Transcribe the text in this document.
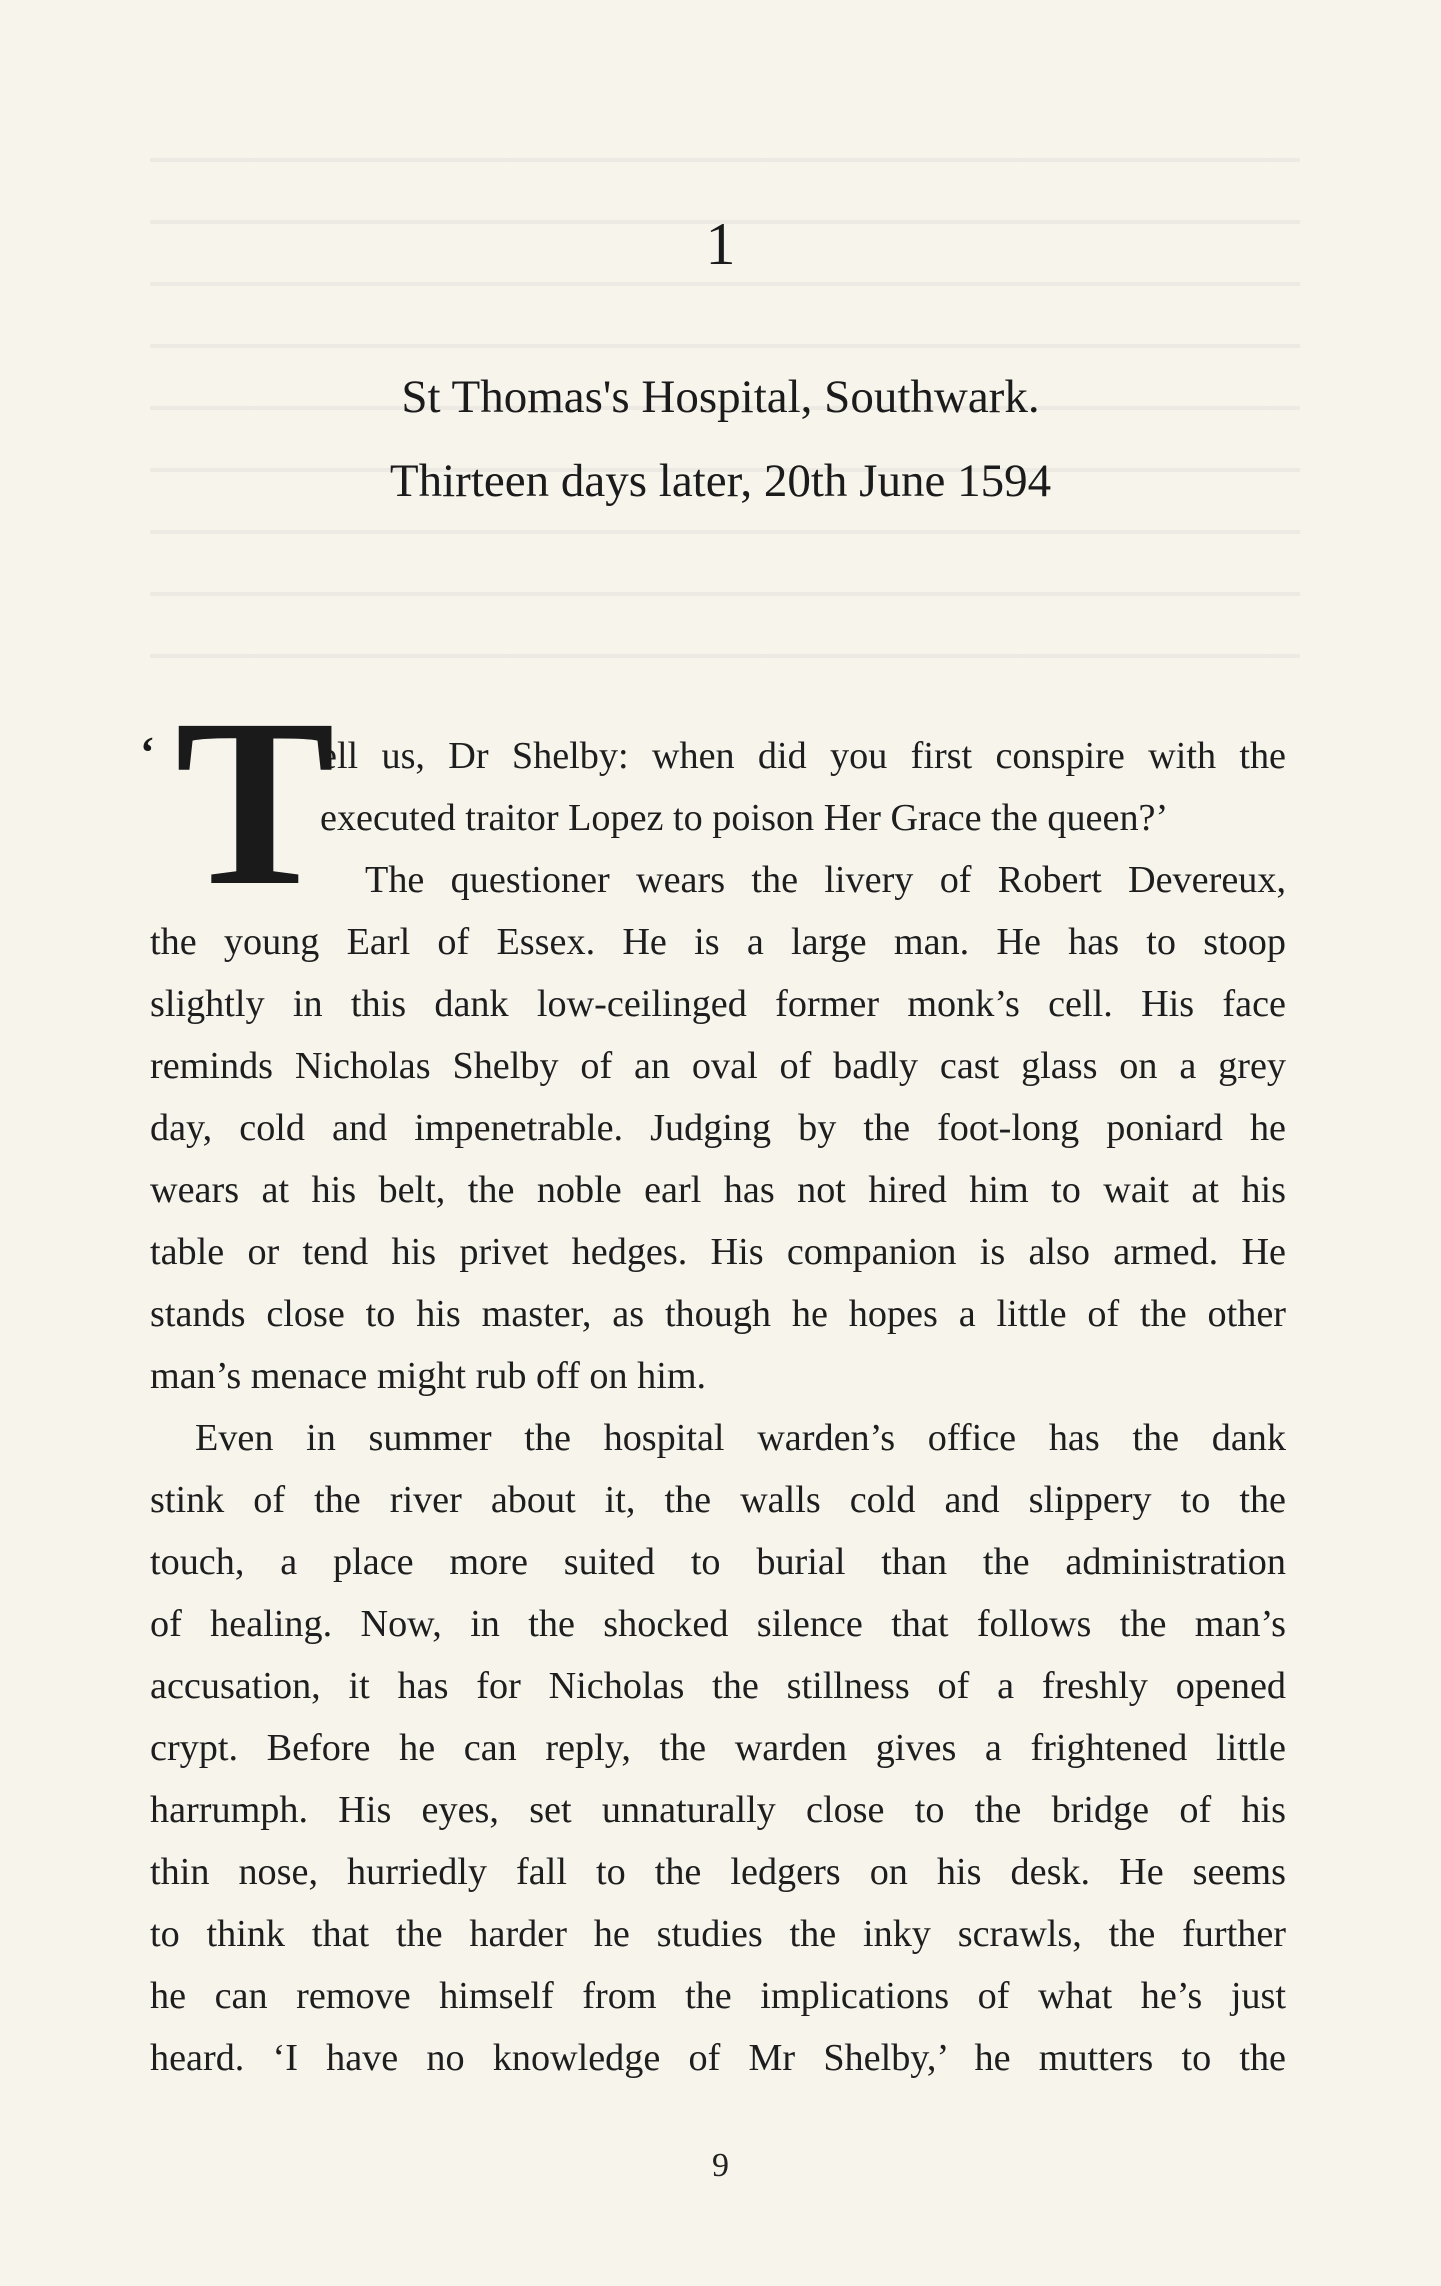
1
St Thomas's Hospital, Southwark.
Thirteen days later, 20th June 1594
‘ T
ell us, Dr Shelby: when did you first conspire with the
executed traitor Lopez to poison Her Grace the queen?’
The questioner wears the livery of Robert Devereux,
the young Earl of Essex. He is a large man. He has to stoop
slightly in this dank low-ceilinged former monk’s cell. His face
reminds Nicholas Shelby of an oval of badly cast glass on a grey
day, cold and impenetrable. Judging by the foot-long poniard he
wears at his belt, the noble earl has not hired him to wait at his
table or tend his privet hedges. His companion is also armed. He
stands close to his master, as though he hopes a little of the other
man’s menace might rub off on him.
Even in summer the hospital warden’s office has the dank
stink of the river about it, the walls cold and slippery to the
touch, a place more suited to burial than the administration
of healing. Now, in the shocked silence that follows the man’s
accusation, it has for Nicholas the stillness of a freshly opened
crypt. Before he can reply, the warden gives a frightened little
harrumph. His eyes, set unnaturally close to the bridge of his
thin nose, hurriedly fall to the ledgers on his desk. He seems
to think that the harder he studies the inky scrawls, the further
he can remove himself from the implications of what he’s just
heard. ‘I have no knowledge of Mr Shelby,’ he mutters to the
9
